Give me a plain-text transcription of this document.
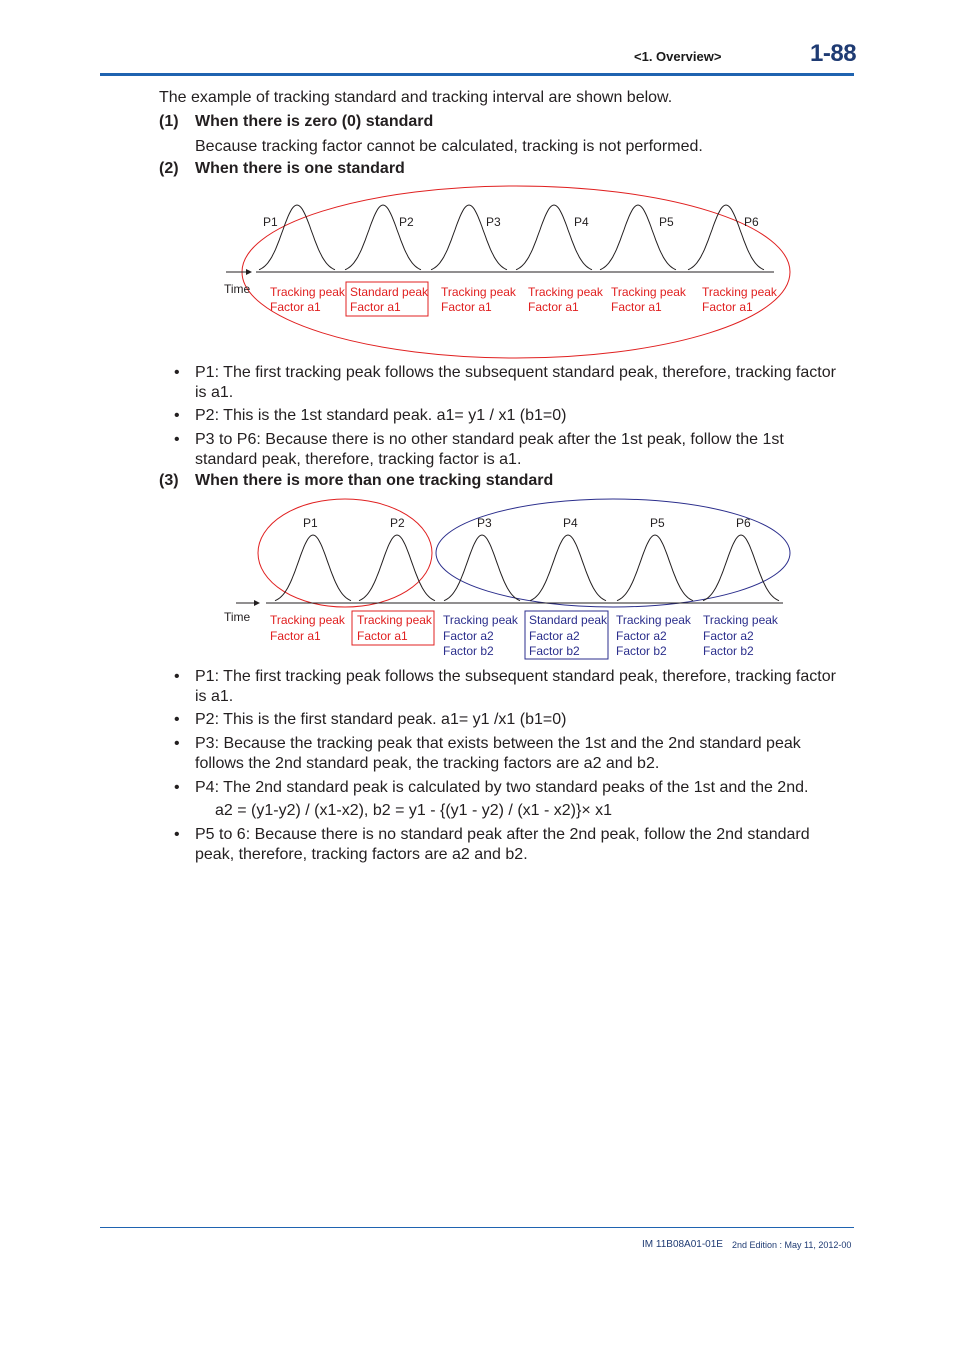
<1. Overview>	1-88
The example of tracking standard and tracking interval are shown below.
(1) When there is zero (0) standard
Because tracking factor cannot be calculated, tracking is not performed.
(2) When there is one standard
Time
P1	P2	P3	P4	P5	P6
Tracking peak
Factor a1
Standard peak
Factor a1
Tracking peak
Factor a1
Tracking peak
Factor a1
Tracking peak
Factor a1
Tracking peak
Factor a1
• P1: The first tracking peak follows the subsequent standard peak, therefore, tracking factor is a1.
• P2: This is the 1st standard peak. a1= y1 / x1 (b1=0)
• P3 to P6: Because there is no other standard peak after the 1st peak, follow the 1st standard peak, therefore, tracking factor is a1.
(3) When there is more than one tracking standard
Time
P1	P2	P3	P4	P5	P6
Tracking peak
Factor a1
Tracking peak
Factor a1
Tracking peak
Factor a2
Factor b2
Standard peak
Factor a2
Factor b2
Tracking peak
Factor a2
Factor b2
Tracking peak
Factor a2
Factor b2
• P1: The first tracking peak follows the subsequent standard peak, therefore, tracking factor is a1.
• P2: This is the first standard peak. a1= y1 /x1 (b1=0)
• P3: Because the tracking peak that exists between the 1st and the 2nd standard peak follows the 2nd standard peak, the tracking factors are a2 and b2.
• P4: The 2nd standard peak is calculated by two standard peaks of the 1st and the 2nd.
a2 = (y1-y2) / (x1-x2), b2 = y1 - {(y1 - y2) / (x1 - x2)}× x1
• P5 to 6: Because there is no standard peak after the 2nd peak, follow the 2nd standard peak, therefore, tracking factors are a2 and b2.
IM 11B08A01-01E 2nd Edition : May 11, 2012-00
